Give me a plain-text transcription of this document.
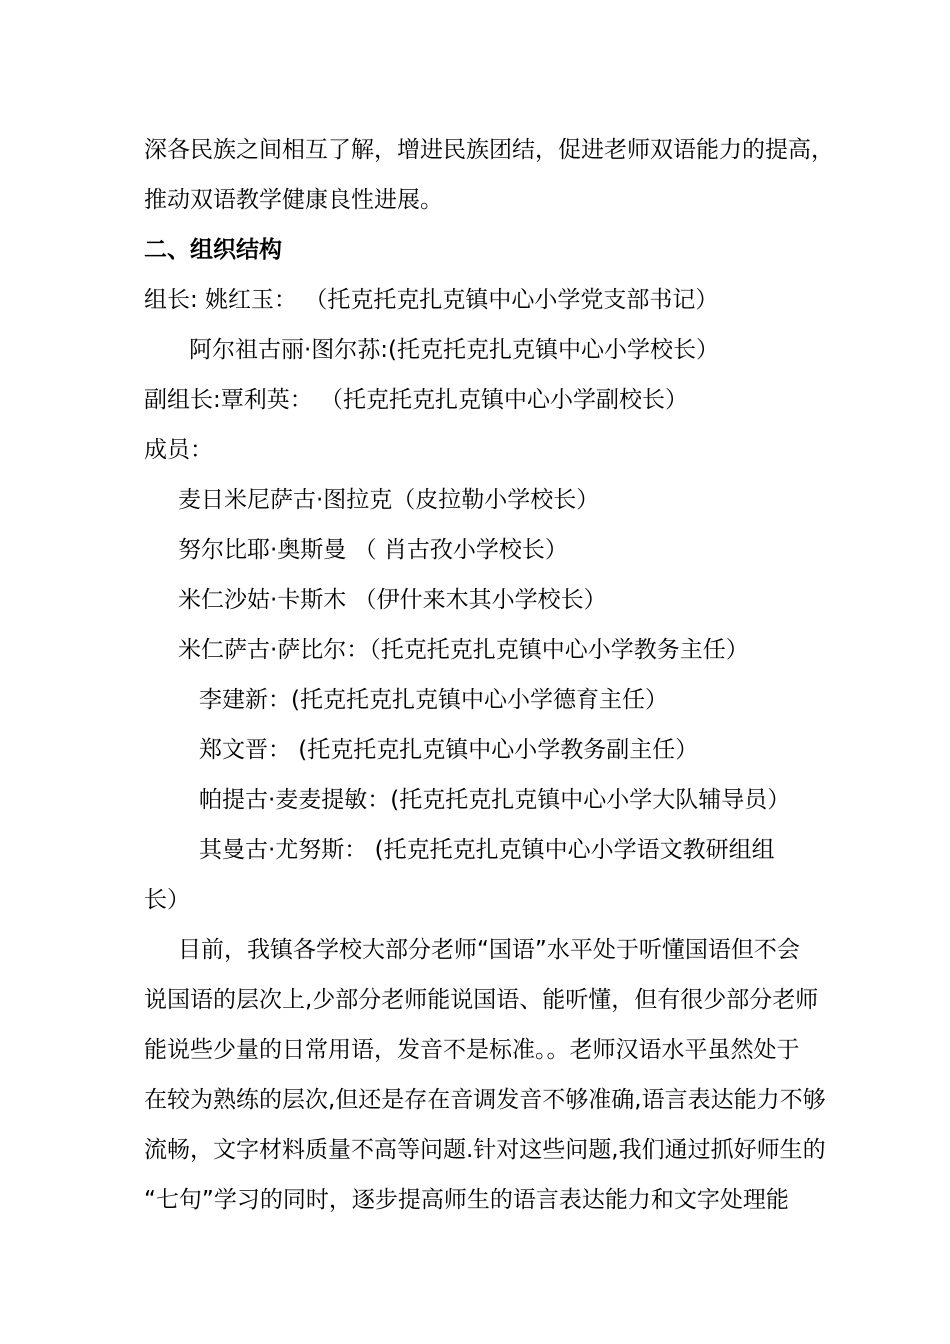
深各民族之间相互了解，增进民族团结，促进老师双语能力的提高，
推动双语教学健康良性进展。
二、组织结构
组长: 姚红玉： （托克托克扎克镇中心小学党支部书记）
阿尔祖古丽·图尔荪:(托克托克扎克镇中心小学校长）
副组长:覃利英： （托克托克扎克镇中心小学副校长）
成员：
麦日米尼萨古·图拉克（皮拉勒小学校长）
努尔比耶·奥斯曼 （ 肖古孜小学校长）
米仁沙姑·卡斯木 （伊什来木其小学校长）
米仁萨古·萨比尔：（托克托克扎克镇中心小学教务主任）
李建新：(托克托克扎克镇中心小学德育主任）
郑文晋： (托克托克扎克镇中心小学教务副主任）
帕提古·麦麦提敏：(托克托克扎克镇中心小学大队辅导员）
其曼古·尤努斯： (托克托克扎克镇中心小学语文教研组组
长）
目前，我镇各学校大部分老师“国语”水平处于听懂国语但不会
说国语的层次上,少部分老师能说国语、能听懂，但有很少部分老师
能说些少量的日常用语，发音不是标准。。老师汉语水平虽然处于
在较为熟练的层次,但还是存在音调发音不够准确,语言表达能力不够
流畅，文字材料质量不高等问题.针对这些问题,我们通过抓好师生的
“七句”学习的同时，逐步提高师生的语言表达能力和文字处理能
